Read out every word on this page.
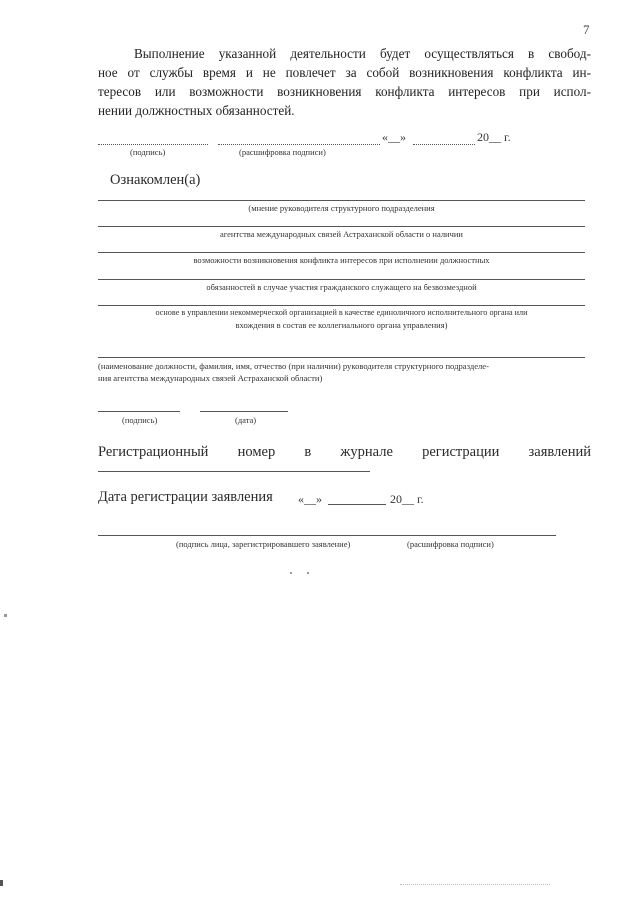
7
Выполнение указанной деятельности будет осуществляться в свобод-
ное от службы время и не повлечет за собой возникновения конфликта ин-
тересов или возможности возникновения конфликта интересов при испол-
нении должностных обязанностей.
«__»	20__ г.
(подпись)	(расшифровка подписи)
Ознакомлен(а)
(мнение руководителя структурного подразделения
агентства международных связей Астраханской области о наличии
возможности возникновения конфликта интересов при исполнении должностных
обязанностей в случае участия гражданского служащего на безвозмездной
основе в управлении некоммерческой организацией в качестве единоличного исполнительного органа или
вхождения в состав ее коллегиального органа управления)
(наименование должности, фамилия, имя, отчество (при наличии) руководителя структурного подразделе-
ния агентства международных связей Астраханской области)
(подпись)	(дата)
Регистрационный номер в журнале регистрации заявлений
Дата регистрации заявления «__»	20__ г.
(подпись лица, зарегистрировавшего заявление)	(расшифровка подписи)
